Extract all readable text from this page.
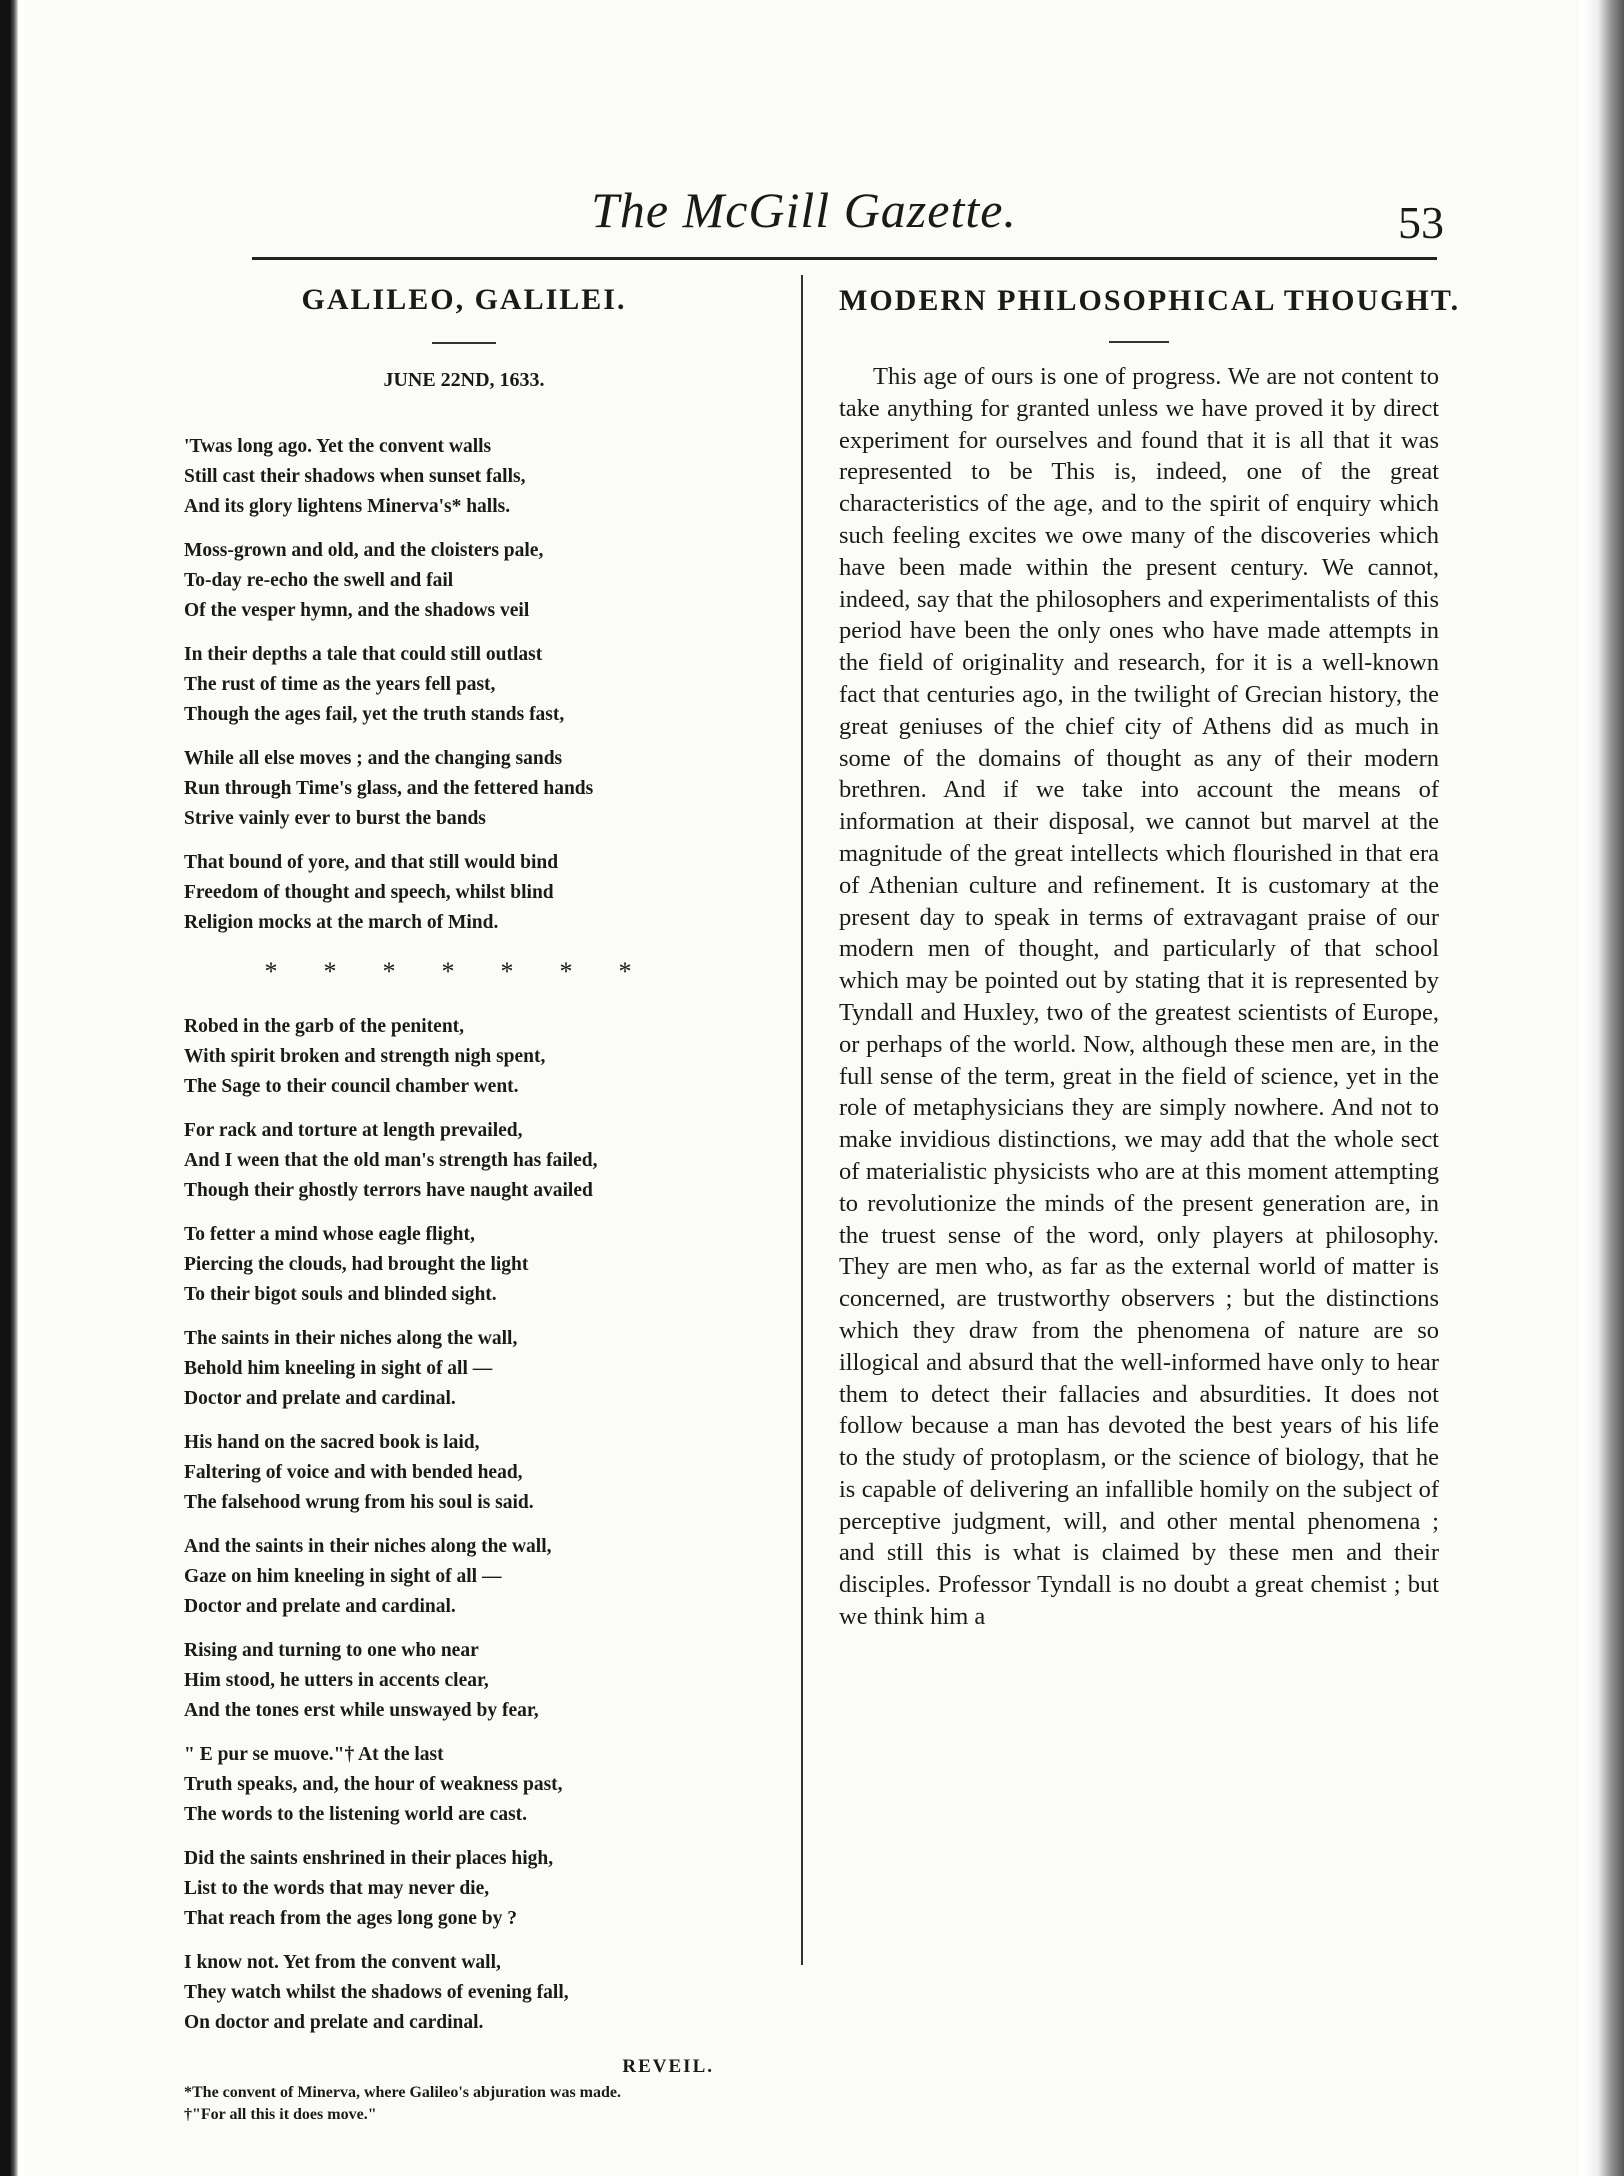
The McGill Gazette.	53
GALILEO, GALILEI.
JUNE 22ND, 1633.
'Twas long ago. Yet the convent walls
Still cast their shadows when sunset falls,
And its glory lightens Minerva's* halls.
Moss-grown and old, and the cloisters pale,
To-day re-echo the swell and fail
Of the vesper hymn, and the shadows veil
In their depths a tale that could still outlast
The rust of time as the years fell past,
Though the ages fail, yet the truth stands fast,
While all else moves ; and the changing sands
Run through Time's glass, and the fettered hands
Strive vainly ever to burst the bands
That bound of yore, and that still would bind
Freedom of thought and speech, whilst blind
Religion mocks at the march of Mind.
*******
Robed in the garb of the penitent,
With spirit broken and strength nigh spent,
The Sage to their council chamber went.
For rack and torture at length prevailed,
And I ween that the old man's strength has failed,
Though their ghostly terrors have naught availed
To fetter a mind whose eagle flight,
Piercing the clouds, had brought the light
To their bigot souls and blinded sight.
The saints in their niches along the wall,
Behold him kneeling in sight of all —
Doctor and prelate and cardinal.
His hand on the sacred book is laid,
Faltering of voice and with bended head,
The falsehood wrung from his soul is said.
And the saints in their niches along the wall,
Gaze on him kneeling in sight of all —
Doctor and prelate and cardinal.
Rising and turning to one who near
Him stood, he utters in accents clear,
And the tones erst while unswayed by fear,
" E pur se muove."† At the last
Truth speaks, and, the hour of weakness past,
The words to the listening world are cast.
Did the saints enshrined in their places high,
List to the words that may never die,
That reach from the ages long gone by ?
I know not. Yet from the convent wall,
They watch whilst the shadows of evening fall,
On doctor and prelate and cardinal.
REVEIL.
*The convent of Minerva, where Galileo's abjuration was made.
†"For all this it does move."
MODERN PHILOSOPHICAL THOUGHT.

This age of ours is one of progress. We are not content to take anything for granted unless we have proved it by direct experiment for ourselves and found that it is all that it was represented to be This is, indeed, one of the great characteristics of the age, and to the spirit of enquiry which such feeling excites we owe many of the discoveries which have been made within the present century. We cannot, indeed, say that the philosophers and experimentalists of this period have been the only ones who have made attempts in the field of originality and research, for it is a well-known fact that centuries ago, in the twilight of Grecian history, the great geniuses of the chief city of Athens did as much in some of the domains of thought as any of their modern brethren. And if we take into account the means of information at their disposal, we cannot but marvel at the magnitude of the great intellects which flourished in that era of Athenian culture and refinement. It is customary at the present day to speak in terms of extravagant praise of our modern men of thought, and particularly of that school which may be pointed out by stating that it is represented by Tyndall and Huxley, two of the greatest scientists of Europe, or perhaps of the world. Now, although these men are, in the full sense of the term, great in the field of science, yet in the role of metaphysicians they are simply nowhere. And not to make invidious distinctions, we may add that the whole sect of materialistic physicists who are at this moment attempting to revolutionize the minds of the present generation are, in the truest sense of the word, only players at philosophy. They are men who, as far as the external world of matter is concerned, are trustworthy observers ; but the distinctions which they draw from the phenomena of nature are so illogical and absurd that the well-informed have only to hear them to detect their fallacies and absurdities. It does not follow because a man has devoted the best years of his life to the study of protoplasm, or the science of biology, that he is capable of delivering an infallible homily on the subject of perceptive judgment, will, and other mental phenomena ; and still this is what is claimed by these men and their disciples. Professor Tyndall is no doubt a great chemist ; but we think him a
